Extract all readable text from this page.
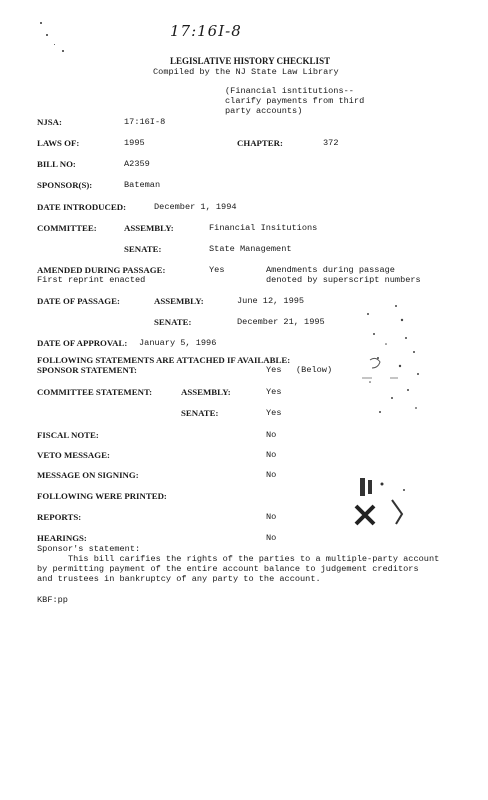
17:16I-8
LEGISLATIVE HISTORY CHECKLIST
Compiled by the NJ State Law Library
(Financial isntitutions--
clarify payments from third
party accounts)
NJSA:	17:16I-8
LAWS OF:	1995	CHAPTER:	372
BILL NO:	A2359
SPONSOR(S):	Bateman
DATE INTRODUCED:	December 1, 1994
COMMITTEE:	ASSEMBLY:	Financial Insitutions
SENATE:	State Management
AMENDED DURING PASSAGE:	Yes	Amendments during passage
denoted by superscript numbers
First reprint enacted
DATE OF PASSAGE:	ASSEMBLY:	June 12, 1995
SENATE:	December 21, 1995
DATE OF APPROVAL: January 5, 1996
FOLLOWING STATEMENTS ARE ATTACHED IF AVAILABLE:
SPONSOR STATEMENT:	Yes (Below)
COMMITTEE STATEMENT:	ASSEMBLY:	Yes
SENATE:	Yes
FISCAL NOTE:	No
VETO MESSAGE:	No
MESSAGE ON SIGNING:	No
FOLLOWING WERE PRINTED:
REPORTS:	No
HEARINGS:	No
Sponsor's statement:
This bill carifies the rights of the parties to a multiple-party account
by permitting payment of the entire account balance to judgement creditors
and trustees in bankruptcy of any party to the account.
KBF:pp
